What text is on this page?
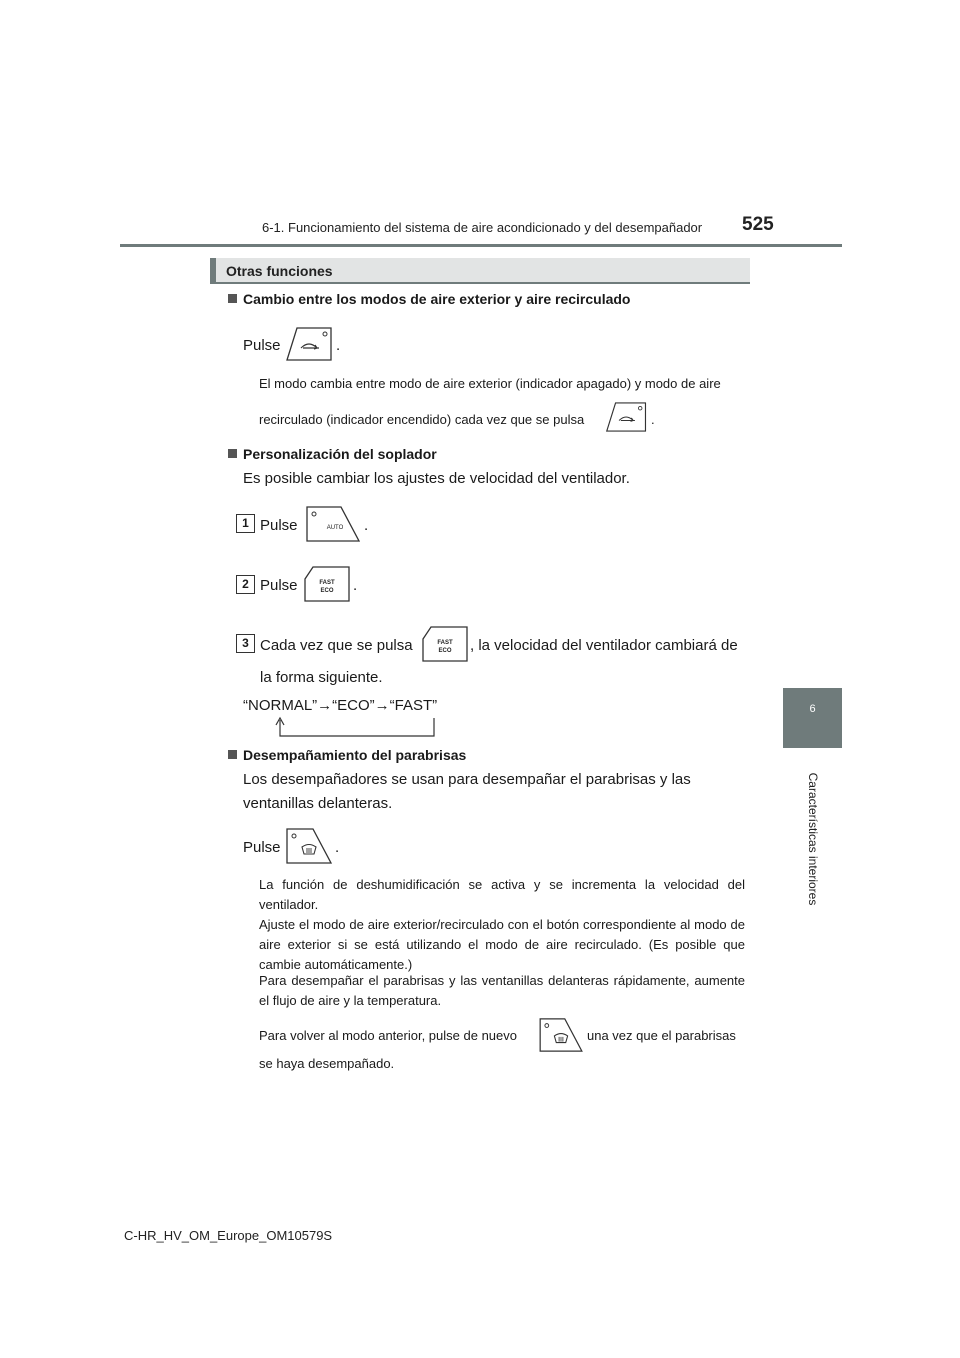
6-1. Funcionamiento del sistema de aire acondicionado y del desempañador 525
6
Características interiores
Otras funciones
Cambio entre los modos de aire exterior y aire recirculado
Pulse	.
El modo cambia entre modo de aire exterior (indicador apagado) y modo de aire
recirculado (indicador encendido) cada vez que se pulsa	.
Personalización del soplador
Es posible cambiar los ajustes de velocidad del ventilador.
1 Pulse	AUTO .
2 Pulse	FAST
ECO .
3 Cada vez que se pulsa	FAST
ECO , la velocidad del ventilador cambiará de
la forma siguiente.
“NORMAL”→“ECO”→“FAST”
Desempañamiento del parabrisas
Los desempañadores se usan para desempañar el parabrisas y las
ventanillas delanteras.
Pulse	.
La función de deshumidificación se activa y se incrementa la velocidad del ventilador.
Ajuste el modo de aire exterior/recirculado con el botón correspondiente al modo de aire exterior si se está utilizando el modo de aire recirculado. (Es posible que cambie automáticamente.)
Para desempañar el parabrisas y las ventanillas delanteras rápidamente, aumente el flujo de aire y la temperatura.
Para volver al modo anterior, pulse de nuevo	una vez que el parabrisas
se haya desempañado.
C-HR_HV_OM_Europe_OM10579S
